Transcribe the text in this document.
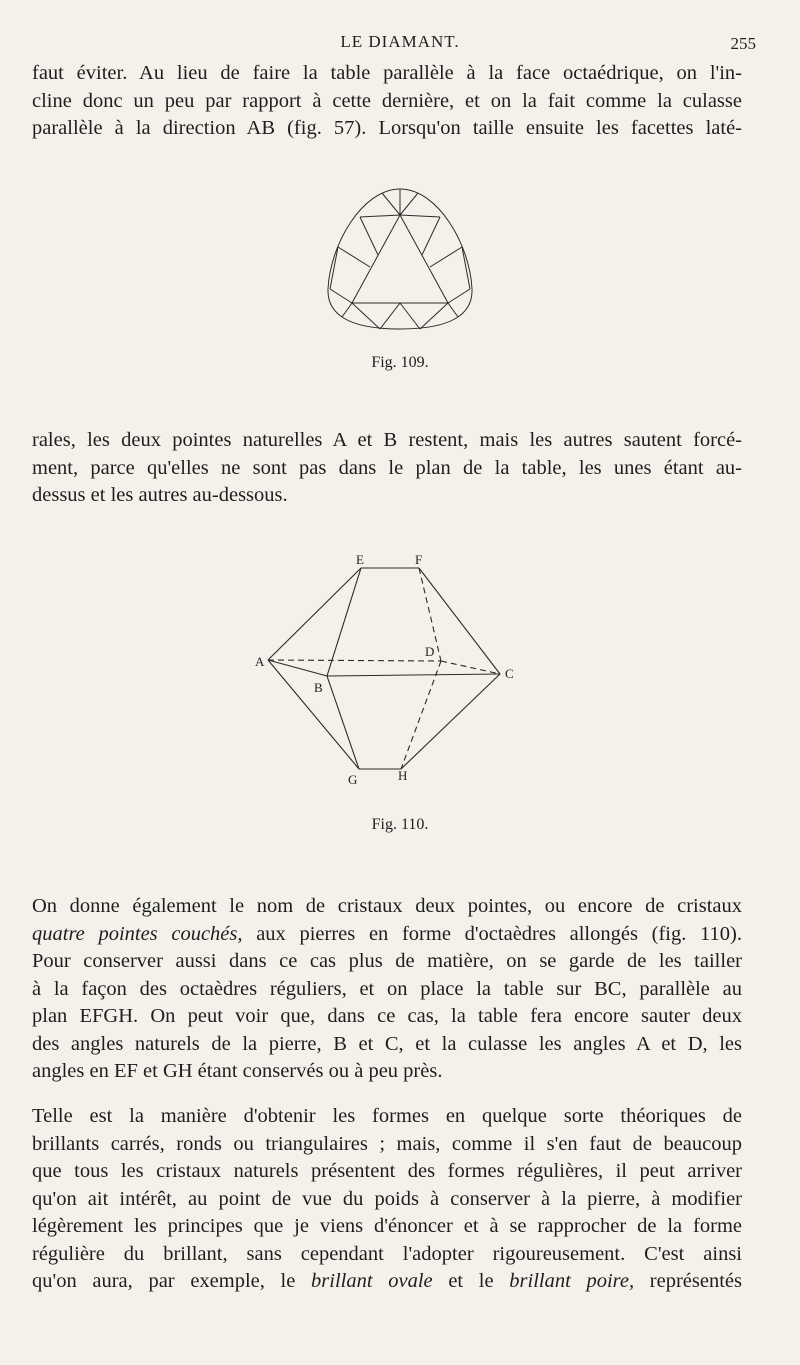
LE DIAMANT.	255
faut éviter. Au lieu de faire la table parallèle à la face octaédrique, on l'in-
cline donc un peu par rapport à cette dernière, et on la fait comme la culasse
parallèle à la direction AB (fig. 57). Lorsqu'on taille ensuite les facettes laté-
Fig. 109.
rales, les deux pointes naturelles A et B restent, mais les autres sautent forcé-
ment, parce qu'elles ne sont pas dans le plan de la table, les unes étant au-
dessus et les autres au-dessous.
E	F
A
B
C
D
G	H
Fig. 110.
On donne également le nom de cristaux deux pointes, ou encore de cristaux
quatre pointes couchés, aux pierres en forme d'octaèdres allongés (fig. 110).
Pour conserver aussi dans ce cas plus de matière, on se garde de les tailler
à la façon des octaèdres réguliers, et on place la table sur BC, parallèle au
plan EFGH. On peut voir que, dans ce cas, la table fera encore sauter deux
des angles naturels de la pierre, B et C, et la culasse les angles A et D, les
angles en EF et GH étant conservés ou à peu près.
Telle est la manière d'obtenir les formes en quelque sorte théoriques de
brillants carrés, ronds ou triangulaires ; mais, comme il s'en faut de beaucoup
que tous les cristaux naturels présentent des formes régulières, il peut arriver
qu'on ait intérêt, au point de vue du poids à conserver à la pierre, à modifier
légèrement les principes que je viens d'énoncer et à se rapprocher de la forme
régulière du brillant, sans cependant l'adopter rigoureusement. C'est ainsi
qu'on aura, par exemple, le brillant ovale et le brillant poire, représentés
